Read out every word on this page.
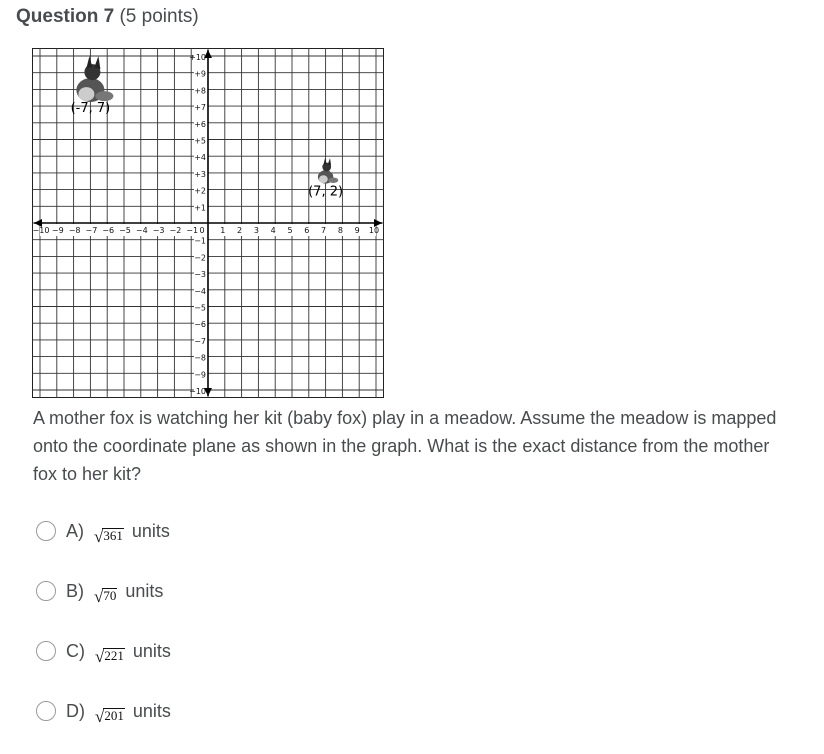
Question 7 (5 points)
−10 −9 −8 −7 −6 −5 −4 −3 −2 −1	1 2 3 4 5 6 7 8 9 10
0
+10
+9
+8
+7
+6
+5
+4
+3
+2
+1
−1
−2
−3
−4
−5
−6
−7
−8
−9
−10
(-7, 7)
(7, 2)
A mother fox is watching her kit (baby fox) play in a meadow. Assume the meadow is mapped onto the coordinate plane as shown in the graph. What is the exact distance from the mother fox to her kit?
A) √ 361 units
B) √ 70 units
C) √ 221 units
D) √ 201 units
